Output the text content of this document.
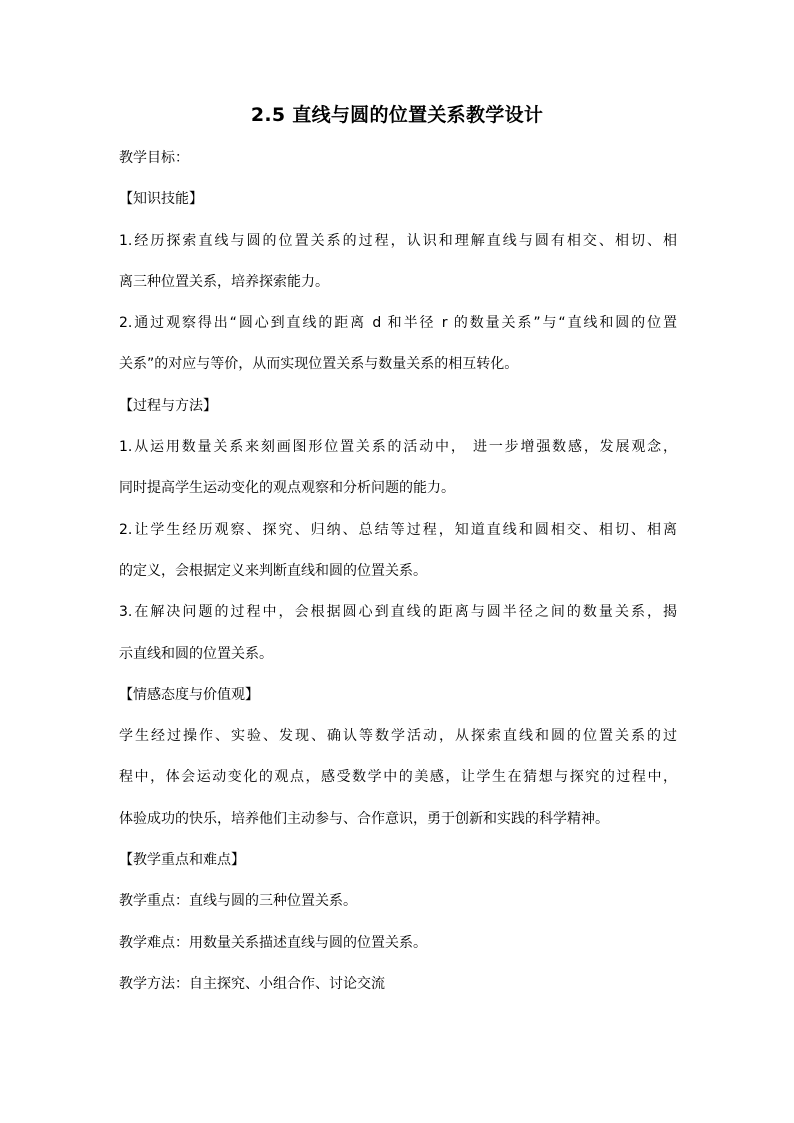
2.5 直线与圆的位置关系教学设计
教学目标：
【知识技能】
1.经历探索直线与圆的位置关系的过程，认识和理解直线与圆有相交、相切、相
离三种位置关系，培养探索能力。
2.通过观察得出“圆心到直线的距离 d 和半径 r 的数量关系”与“直线和圆的位置
关系”的对应与等价，从而实现位置关系与数量关系的相互转化。
【过程与方法】
1.从运用数量关系来刻画图形位置关系的活动中， 进一步增强数感，发展观念，
同时提高学生运动变化的观点观察和分析问题的能力。
2.让学生经历观察、探究、归纳、总结等过程，知道直线和圆相交、相切、相离
的定义，会根据定义来判断直线和圆的位置关系。
3.在解决问题的过程中，会根据圆心到直线的距离与圆半径之间的数量关系，揭
示直线和圆的位置关系。
【情感态度与价值观】
学生经过操作、实验、发现、确认等数学活动，从探索直线和圆的位置关系的过
程中，体会运动变化的观点，感受数学中的美感，让学生在猜想与探究的过程中，
体验成功的快乐，培养他们主动参与、合作意识，勇于创新和实践的科学精神。
【教学重点和难点】
教学重点：直线与圆的三种位置关系。
教学难点：用数量关系描述直线与圆的位置关系。
教学方法：自主探究、小组合作、讨论交流
